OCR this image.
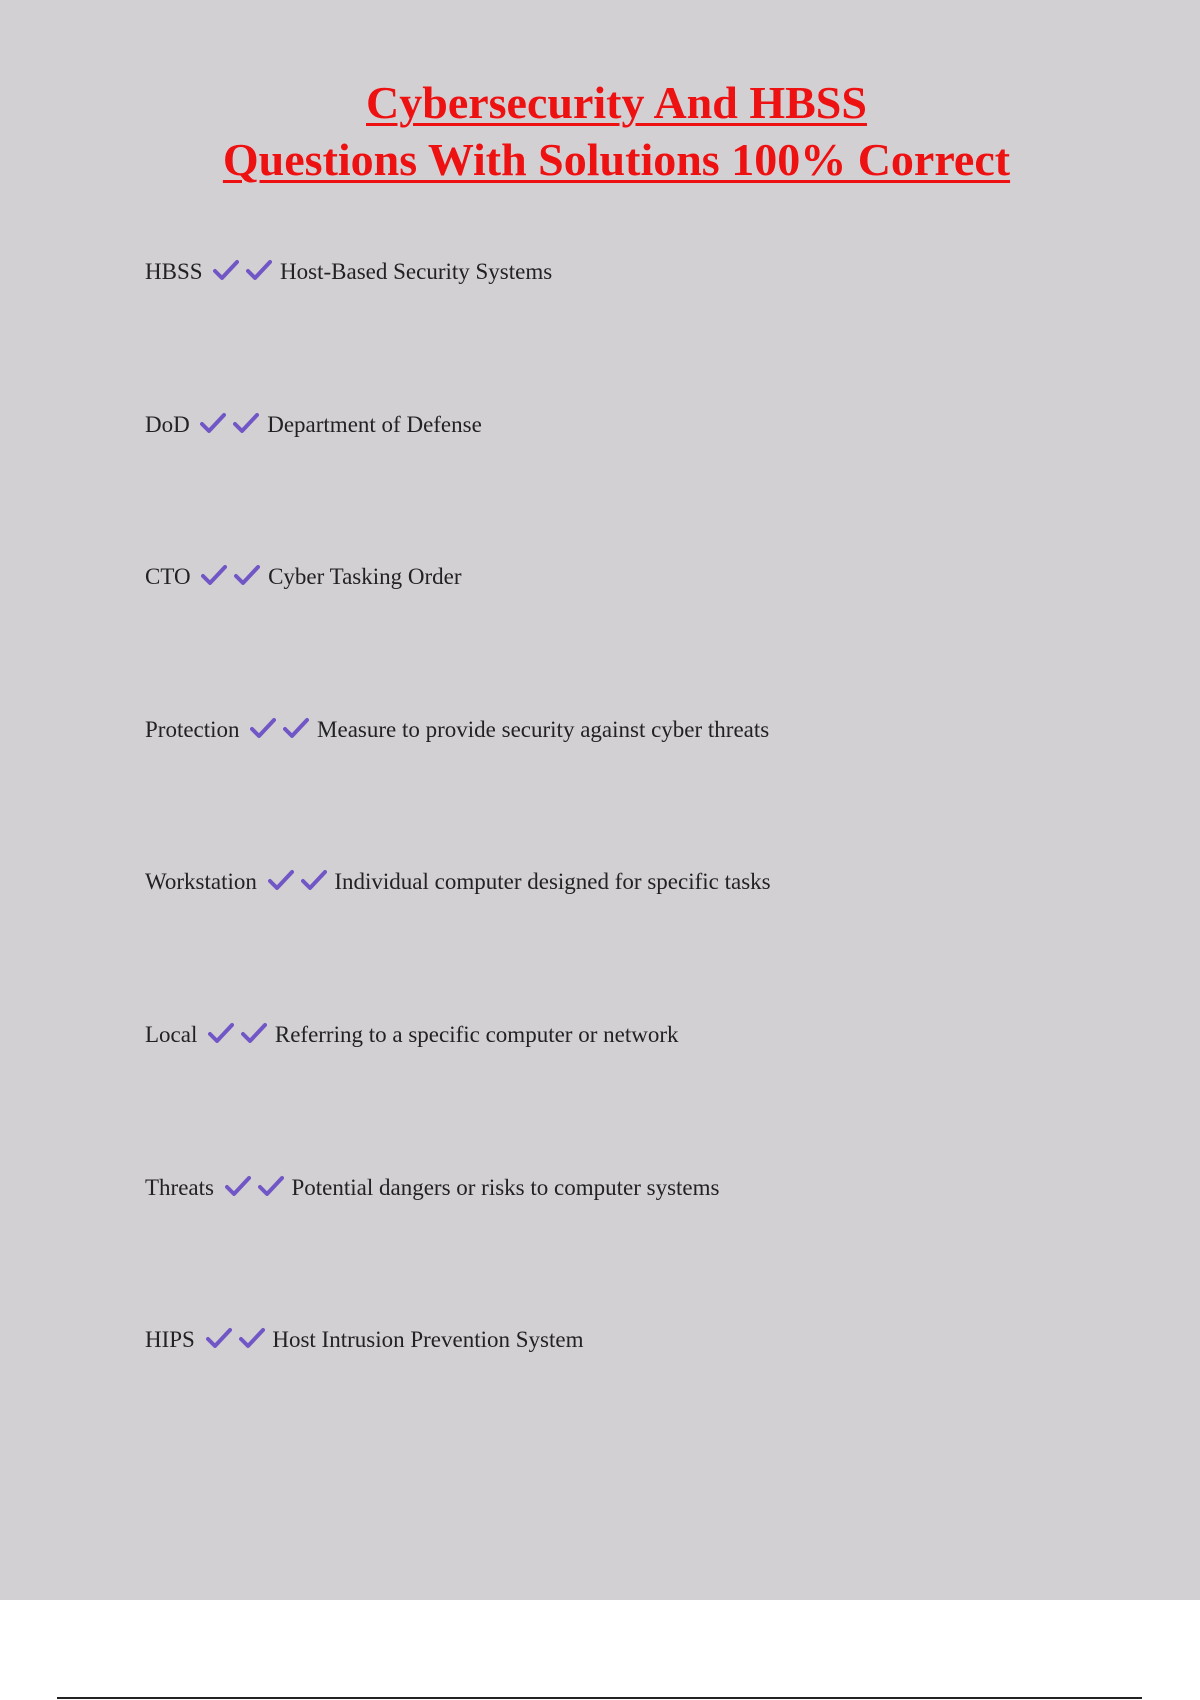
Cybersecurity And HBSS
Questions With Solutions 100% Correct
HBSS	Host-Based Security Systems
DoD	Department of Defense
CTO	Cyber Tasking Order
Protection	Measure to provide security against cyber threats
Workstation	Individual computer designed for specific tasks
Local	Referring to a specific computer or network
Threats	Potential dangers or risks to computer systems
HIPS	Host Intrusion Prevention System
